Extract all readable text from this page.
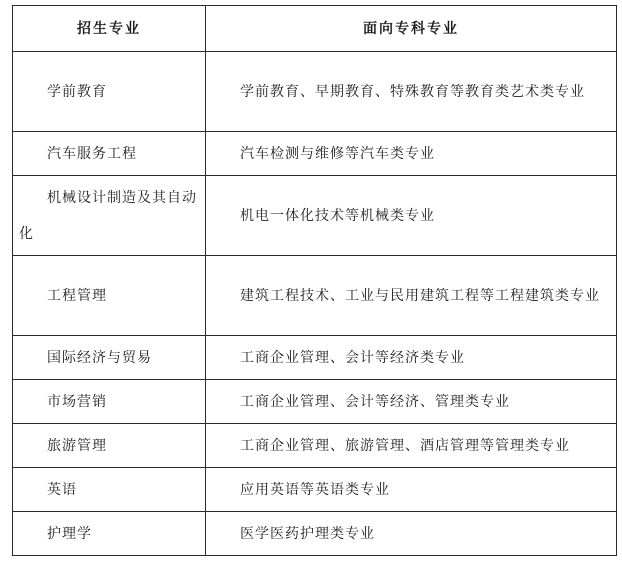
招生专业	面向专科专业

学前教育	学前教育、早期教育、特殊教育等教育类艺术类专业

汽车服务工程	汽车检测与维修等汽车类专业

机械设计制造及其自动化	机电一体化技术等机械类专业

工程管理	建筑工程技术、工业与民用建筑工程等工程建筑类专业

国际经济与贸易	工商企业管理、会计等经济类专业

市场营销	工商企业管理、会计等经济、管理类专业

旅游管理	工商企业管理、旅游管理、酒店管理等管理类专业

英语	应用英语等英语类专业

护理学	医学医药护理类专业
